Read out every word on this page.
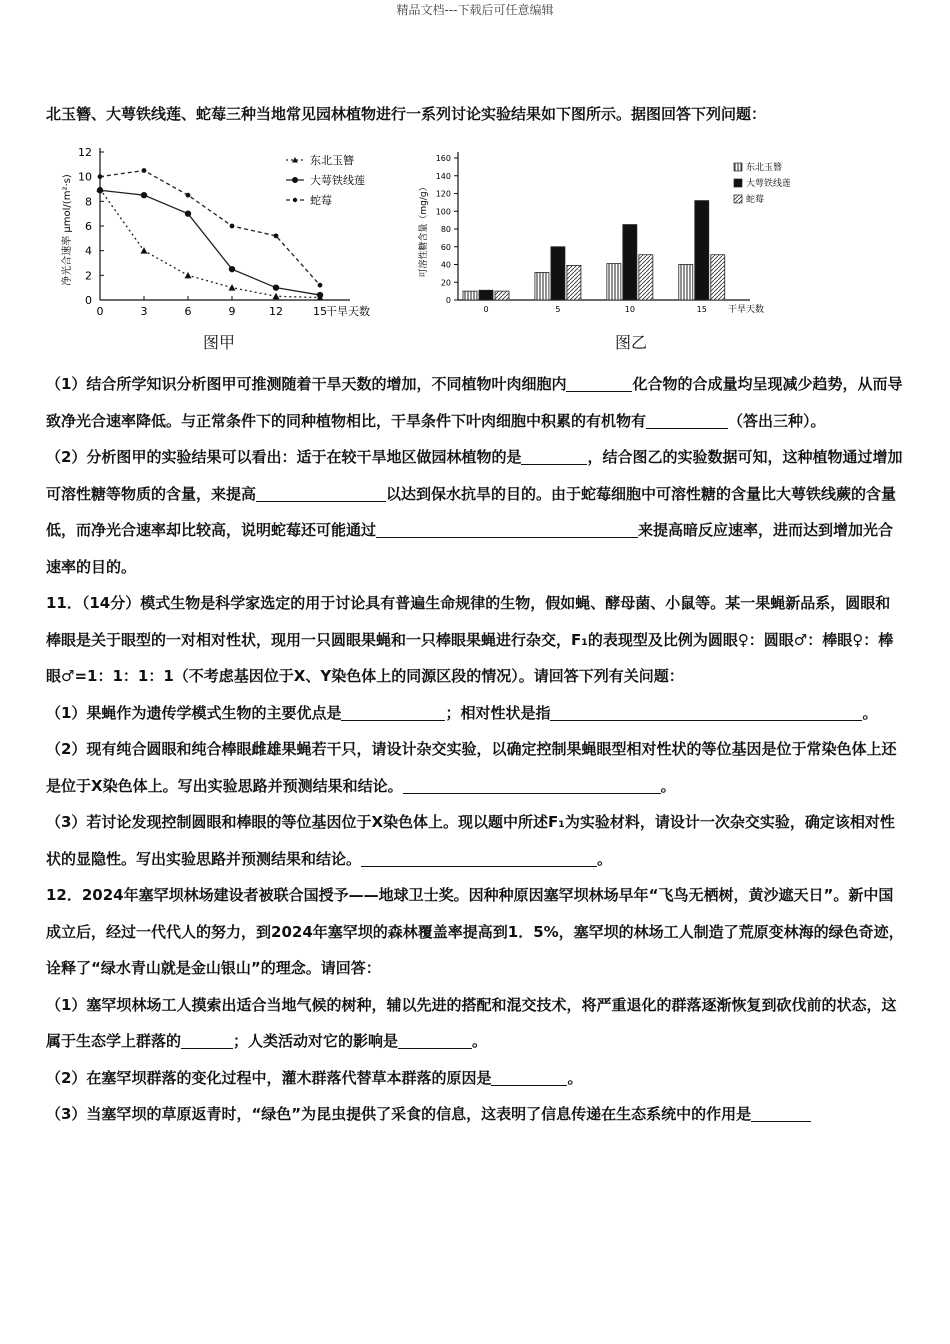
精品文档---下载后可任意编辑
北玉簪、大萼铁线莲、蛇莓三种当地常见园林植物进行一系列讨论实验结果如下图所示。据图回答下列问题：
0
2
4
6
8
10
12
0	3	6	9	12	15 干旱天数
净光合速率 μmol/(m²·s)
东北玉簪
大萼铁线莲
蛇莓
图甲
0
20
40
60
80
100
120
140
160
可溶性糖含量（mg/g）
0	5	10	15 干旱天数
东北玉簪
大萼铁线莲
蛇莓
图乙

（1）结合所学知识分析图甲可推测随着干旱天数的增加，不同植物叶肉细胞内	化合物的合成量均呈现减少趋势，从而导致净光合速率降低。与正常条件下的同种植物相比，干旱条件下叶肉细胞中积累的有机物有	（答出三种）。

（2）分析图甲的实验结果可以看出：适于在较干旱地区做园林植物的是	，结合图乙的实验数据可知，这种植物通过增加可溶性糖等物质的含量，来提高	以达到保水抗旱的目的。由于蛇莓细胞中可溶性糖的含量比大萼铁线蕨的含量低，而净光合速率却比较高，说明蛇莓还可能通过	来提高暗反应速率，进而达到增加光合速率的目的。

11．（14分）模式生物是科学家选定的用于讨论具有普遍生命规律的生物，假如蝇、酵母菌、小鼠等。某一果蝇新品系，圆眼和棒眼是关于眼型的一对相对性状，现用一只圆眼果蝇和一只棒眼果蝇进行杂交，F₁的表现型及比例为圆眼♀：圆眼♂：棒眼♀：棒眼♂=1：1：1：1（不考虑基因位于X、Y染色体上的同源区段的情况）。请回答下列有关问题：

（1）果蝇作为遗传学模式生物的主要优点是	；相对性状是指	。

（2）现有纯合圆眼和纯合棒眼雌雄果蝇若干只，请设计杂交实验，以确定控制果蝇眼型相对性状的等位基因是位于常染色体上还是位于X染色体上。写出实验思路并预测结果和结论。	。

（3）若讨论发现控制圆眼和棒眼的等位基因位于X染色体上。现以题中所述F₁为实验材料，请设计一次杂交实验，确定该相对性状的显隐性。写出实验思路并预测结果和结论。	。

12．2024年塞罕坝林场建设者被联合国授予——地球卫士奖。因种种原因塞罕坝林场早年“飞鸟无栖树，黄沙遮天日”。新中国成立后，经过一代代人的努力，到2024年塞罕坝的森林覆盖率提高到1．5%，塞罕坝的林场工人制造了荒原变林海的绿色奇迹，诠释了“绿水青山就是金山银山”的理念。请回答：

（1）塞罕坝林场工人摸索出适合当地气候的树种，辅以先进的搭配和混交技术，将严重退化的群落逐渐恢复到砍伐前的状态，这属于生态学上群落的	；人类活动对它的影响是	。

（2）在塞罕坝群落的变化过程中，灌木群落代替草本群落的原因是	。

（3）当塞罕坝的草原返青时，“绿色”为昆虫提供了采食的信息，这表明了信息传递在生态系统中的作用是
